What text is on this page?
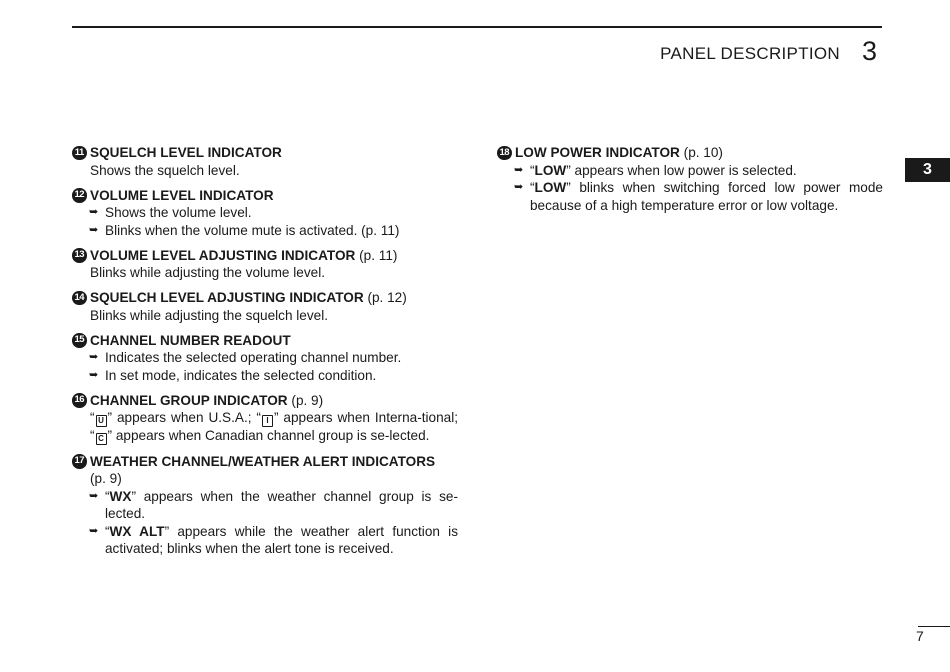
PANEL DESCRIPTION 3
3
11 SQUELCH LEVEL INDICATOR
Shows the squelch level.
12 VOLUME LEVEL INDICATOR
➥ Shows the volume level.
➥ Blinks when the volume mute is activated. (p. 11)
13 VOLUME LEVEL ADJUSTING INDICATOR (p. 11)
Blinks while adjusting the volume level.
14 SQUELCH LEVEL ADJUSTING INDICATOR (p. 12)
Blinks while adjusting the squelch level.
15 CHANNEL NUMBER READOUT
➥ Indicates the selected operating channel number.
➥ In set mode, indicates the selected condition.
16 CHANNEL GROUP INDICATOR (p. 9)
“ U ” appears when U.S.A.; “ I ” appears when Interna-tional; “ C ” appears when Canadian channel group is se-lected.
17 WEATHER CHANNEL/WEATHER ALERT INDICATORS
(p. 9)
➥ “WX” appears when the weather channel group is se-lected.
➥ “WX ALT” appears while the weather alert function is activated; blinks when the alert tone is received.
18 LOW POWER INDICATOR (p. 10)
➥ “LOW” appears when low power is selected.
➥ “LOW” blinks when switching forced low power mode because of a high temperature error or low voltage.
7
